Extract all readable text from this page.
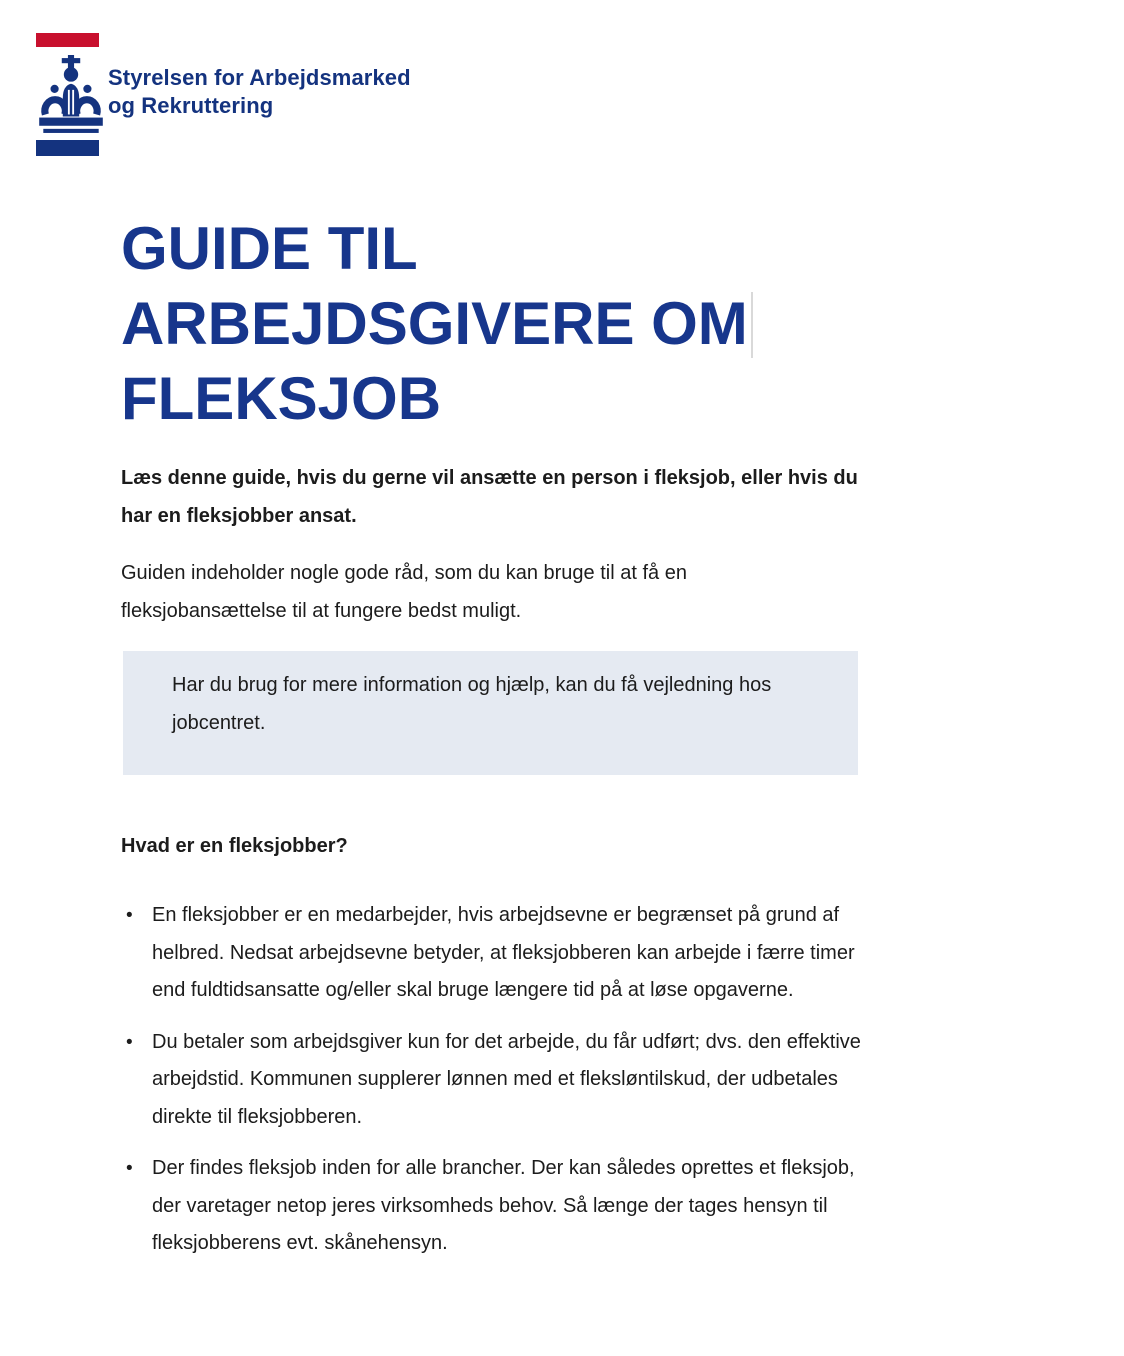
Styrelsen for Arbejdsmarked
og Rekruttering
GUIDE TIL
ARBEJDSGIVERE OM
FLEKSJOB

Læs denne guide, hvis du gerne vil ansætte en person i fleksjob, eller hvis du har en fleksjobber ansat.

Guiden indeholder nogle gode råd, som du kan bruge til at få en fleksjobansættelse til at fungere bedst muligt.

Har du brug for mere information og hjælp, kan du få vejledning hos jobcentret.

Hvad er en fleksjobber?
• En fleksjobber er en medarbejder, hvis arbejdsevne er begrænset på grund af helbred. Nedsat arbejdsevne betyder, at fleksjobberen kan arbejde i færre timer end fuldtidsansatte og/eller skal bruge længere tid på at løse opgaverne.
• Du betaler som arbejdsgiver kun for det arbejde, du får udført; dvs. den effektive arbejdstid. Kommunen supplerer lønnen med et fleksløntilskud, der udbetales direkte til fleksjobberen.
• Der findes fleksjob inden for alle brancher. Der kan således oprettes et fleksjob, der varetager netop jeres virksomheds behov. Så længe der tages hensyn til fleksjobberens evt. skånehensyn.
